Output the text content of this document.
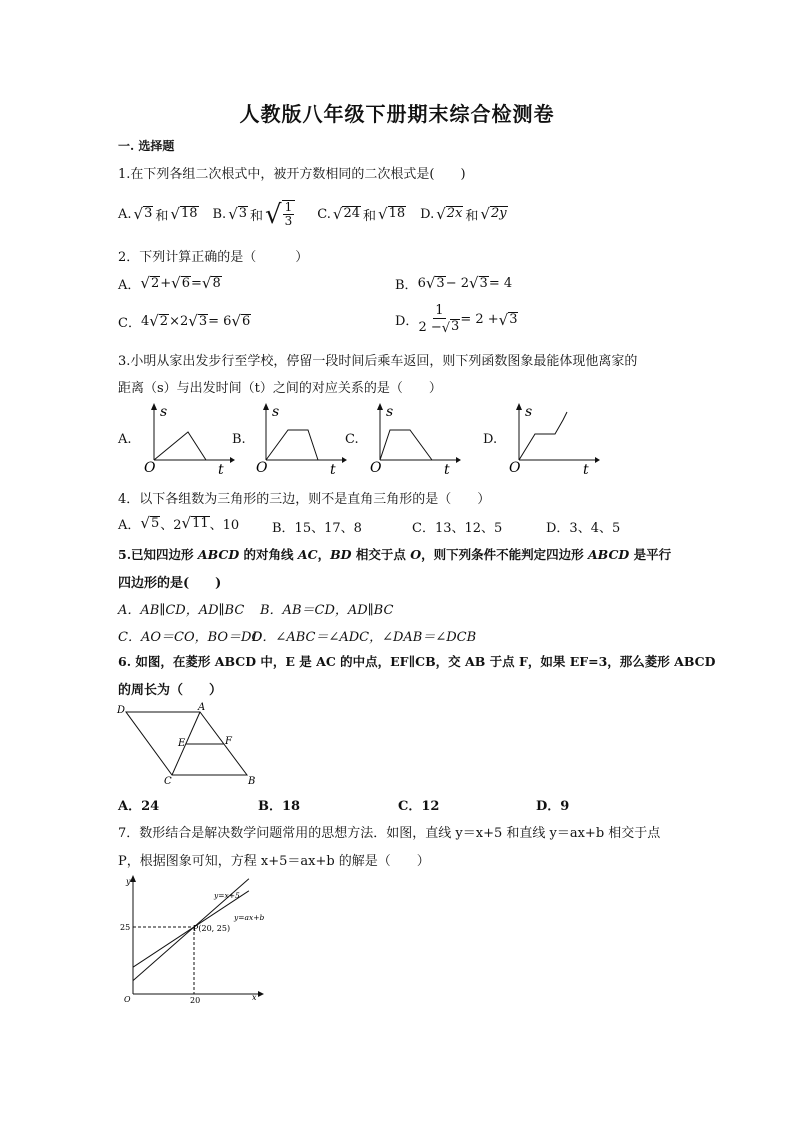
人教版八年级下册期末综合检测卷
一. 选择题
1.在下列各组二次根式中，被开方数相同的二次根式是(　　)
A. √ 3 和 √ 18 B. √ 3 和 √ $\frac{1}{3} C$. √ 24 和 √ 18 D. √ 2x 和 √ 2y
2．下列计算正确的是（　　　）
A． √ 2 + √ 6 = √ 8	B． 6 √ 3 − 2 √ 3 = 4
C． 4 √ 2 ×2 √ 3 = 6 √ 6	D． $\frac{1}{2 - √ 3} = 2$ + √ 3
3.小明从家出发步行至学校，停留一段时间后乘车返回，则下列函数图象最能体现他离家的
距离（s）与出发时间（t）之间的对应关系的是（　　）
A.	B.	C.	D.
s
O	t
s
O	t
s
O	t
s
O	t
4．以下各组数为三角形的三边，则不是直角三角形的是（　　）
A． √ 5 、2 √ 11 、10	B．15、17、8	C．13、12、5	D．3、4、5
5.已知四边形 ABCD 的对角线 AC，BD 相交于点 O，则下列条件不能判定四边形 ABCD 是平行
四边形的是(　　)
A．AB∥CD，AD∥BC B．AB＝CD，AD∥BC
C．AO＝CO，BO＝DO
D．∠ABC＝∠ADC，∠DAB＝∠DCB
6. 如图，在菱形 ABCD 中，E 是 AC 的中点，EF∥CB，交 AB 于点 F，如果 EF=3，那么菱形 ABCD
的周长为（　　）
D	A
E	F
C	B
A．24	B．18	C．12	D．9
7．数形结合是解决数学问题常用的思想方法．如图，直线 y＝x+5 和直线 y＝ax+b 相交于点
P，根据图象可知，方程 x+5＝ax+b 的解是（　　）
y
x
O
25
20
P(20, 25)
y=x+5
y=ax+b
